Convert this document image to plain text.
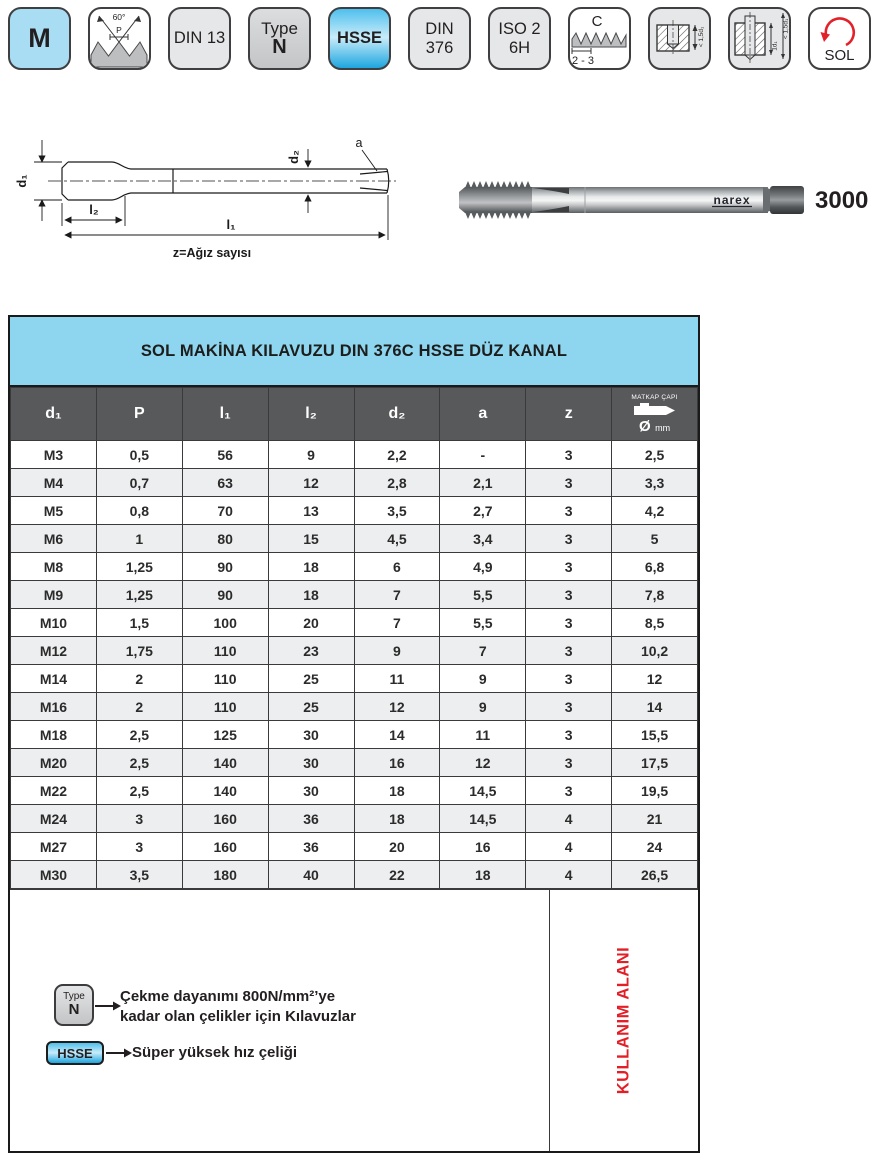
M
60°
P	DIN 13
Type
N	HSSE	DIN
376
ISO 2
6H
C
2 - 3
< 1,5d₁	1d₁
< 1,5d₁
SOL
d₁
l₂
l₁
d₂
a
z=Ağız sayısı
narex	3000
SOL MAKİNA KILAVUZU DIN 376C HSSE DÜZ KANAL
d₁	P	l₁	l₂	d₂	a	z	MATKAP ÇAPI
Ø mm

M3	0,5	56	9	2,2	-	3	2,5
M4	0,7	63	12	2,8	2,1	3	3,3
M5	0,8	70	13	3,5	2,7	3	4,2
M6	1	80	15	4,5	3,4	3	5
M8	1,25	90	18	6	4,9	3	6,8
M9	1,25	90	18	7	5,5	3	7,8
M10	1,5	100	20	7	5,5	3	8,5
M12	1,75	110	23	9	7	3	10,2
M14	2	110	25	11	9	3	12
M16	2	110	25	12	9	3	14
M18	2,5	125	30	14	11	3	15,5
M20	2,5	140	30	16	12	3	17,5
M22	2,5	140	30	18	14,5	3	19,5
M24	3	160	36	18	14,5	4	21
M27	3	160	36	20	16	4	24
M30	3,5	180	40	22	18	4	26,5
Type
N
Çekme dayanımı 800N/mm²’ye
kadar olan çelikler için Kılavuzlar
HSSE	Süper yüksek hız çeliği	KULLANIM ALANI
